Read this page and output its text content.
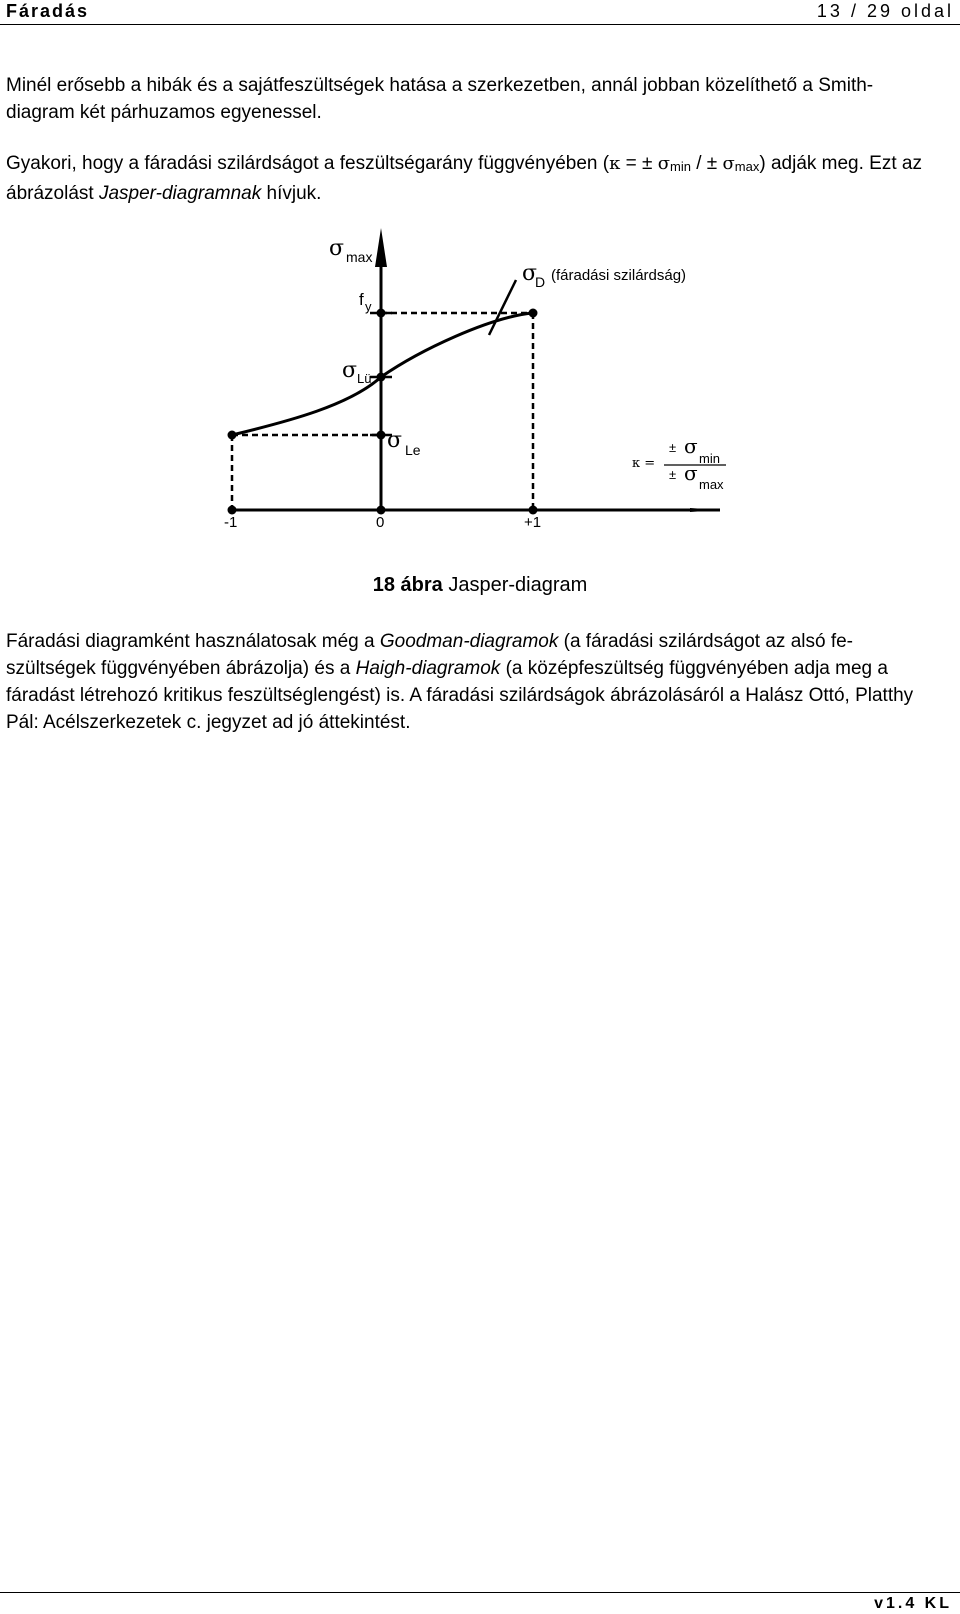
Fáradás	13 / 29 oldal
Minél erősebb a hibák és a sajátfeszültségek hatása a szerkezetben, annál jobban közelíthető a Smith-diagram két párhuzamos egyenessel.
Gyakori, hogy a fáradási szilárdságot a feszültségarány függvényében (κ = ± σmin / ± σmax) adják meg. Ezt az ábrázolást Jasper-diagramnak hívjuk.
σ max
f y
σ
D (fáradási szilárdság)
σ Lü
σ Le
κ =
± σ
min
± σ max
-1	0	+1
18 ábra Jasper-diagram
Fáradási diagramként használatosak még a Goodman-diagramok (a fáradási szilárdságot az alsó fe-szültségek függvényében ábrázolja) és a Haigh-diagramok (a középfeszültség függvényében adja meg a fáradást létrehozó kritikus feszültséglengést) is. A fáradási szilárdságok ábrázolásáról a Halász Ottó, Platthy Pál: Acélszerkezetek c. jegyzet ad jó áttekintést.
v1.4 KL
